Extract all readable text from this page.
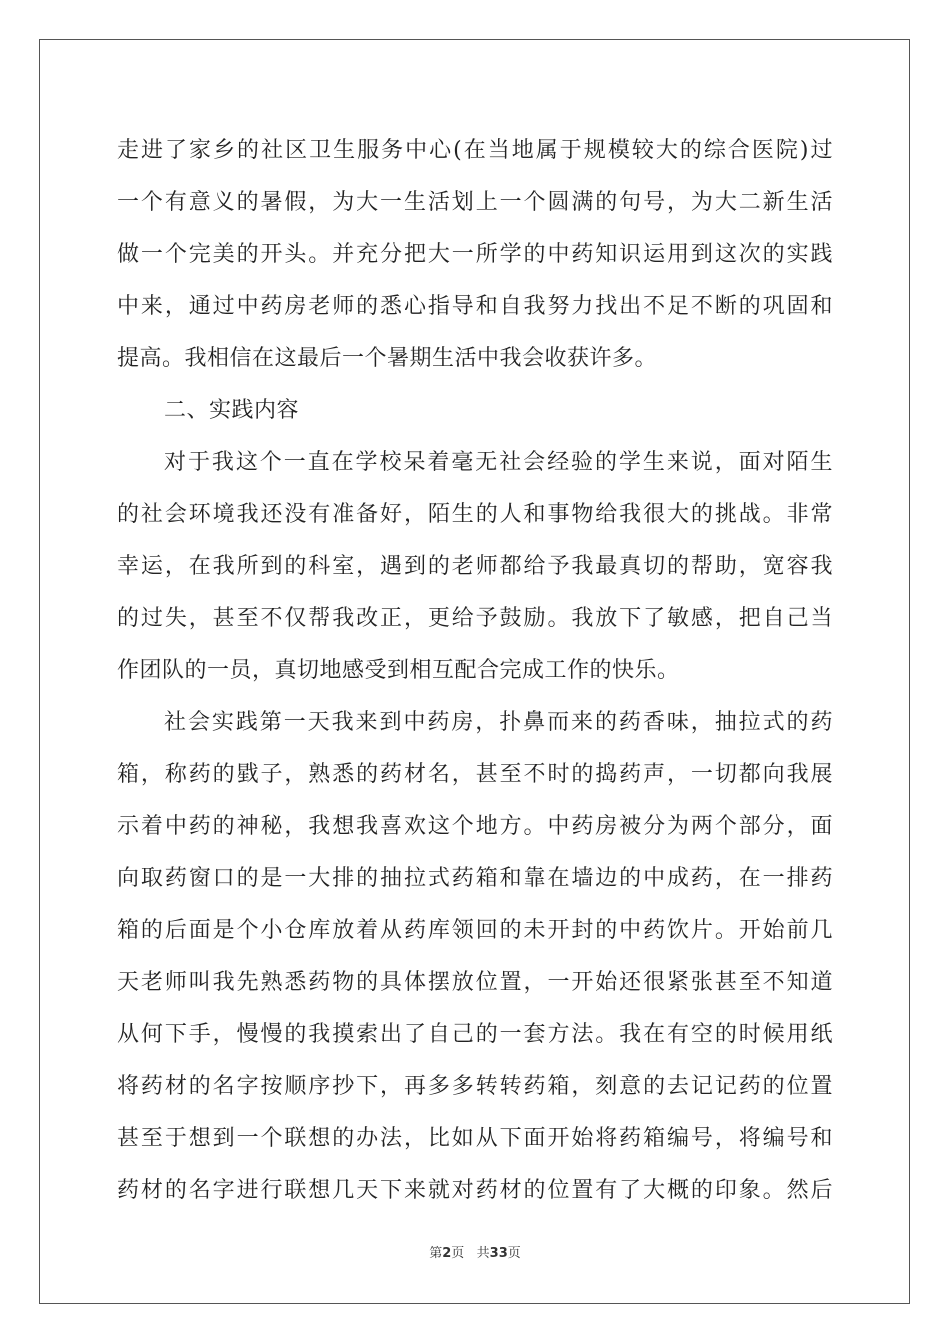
走进了家乡的社区卫生服务中心(在当地属于规模较大的综合医院)过
一个有意义的暑假，为大一生活划上一个圆满的句号，为大二新生活
做一个完美的开头。并充分把大一所学的中药知识运用到这次的实践
中来，通过中药房老师的悉心指导和自我努力找出不足不断的巩固和
提高。我相信在这最后一个暑期生活中我会收获许多。
二、实践内容
对于我这个一直在学校呆着毫无社会经验的学生来说，面对陌生
的社会环境我还没有准备好，陌生的人和事物给我很大的挑战。非常
幸运，在我所到的科室，遇到的老师都给予我最真切的帮助，宽容我
的过失，甚至不仅帮我改正，更给予鼓励。我放下了敏感，把自己当
作团队的一员，真切地感受到相互配合完成工作的快乐。
社会实践第一天我来到中药房，扑鼻而来的药香味，抽拉式的药
箱，称药的戥子，熟悉的药材名，甚至不时的捣药声，一切都向我展
示着中药的神秘，我想我喜欢这个地方。中药房被分为两个部分，面
向取药窗口的是一大排的抽拉式药箱和靠在墙边的中成药，在一排药
箱的后面是个小仓库放着从药库领回的未开封的中药饮片。开始前几
天老师叫我先熟悉药物的具体摆放位置，一开始还很紧张甚至不知道
从何下手，慢慢的我摸索出了自己的一套方法。我在有空的时候用纸
将药材的名字按顺序抄下，再多多转转药箱，刻意的去记记药的位置
甚至于想到一个联想的办法，比如从下面开始将药箱编号，将编号和
药材的名字进行联想几天下来就对药材的位置有了大概的印象。然后
第2页   共33页
